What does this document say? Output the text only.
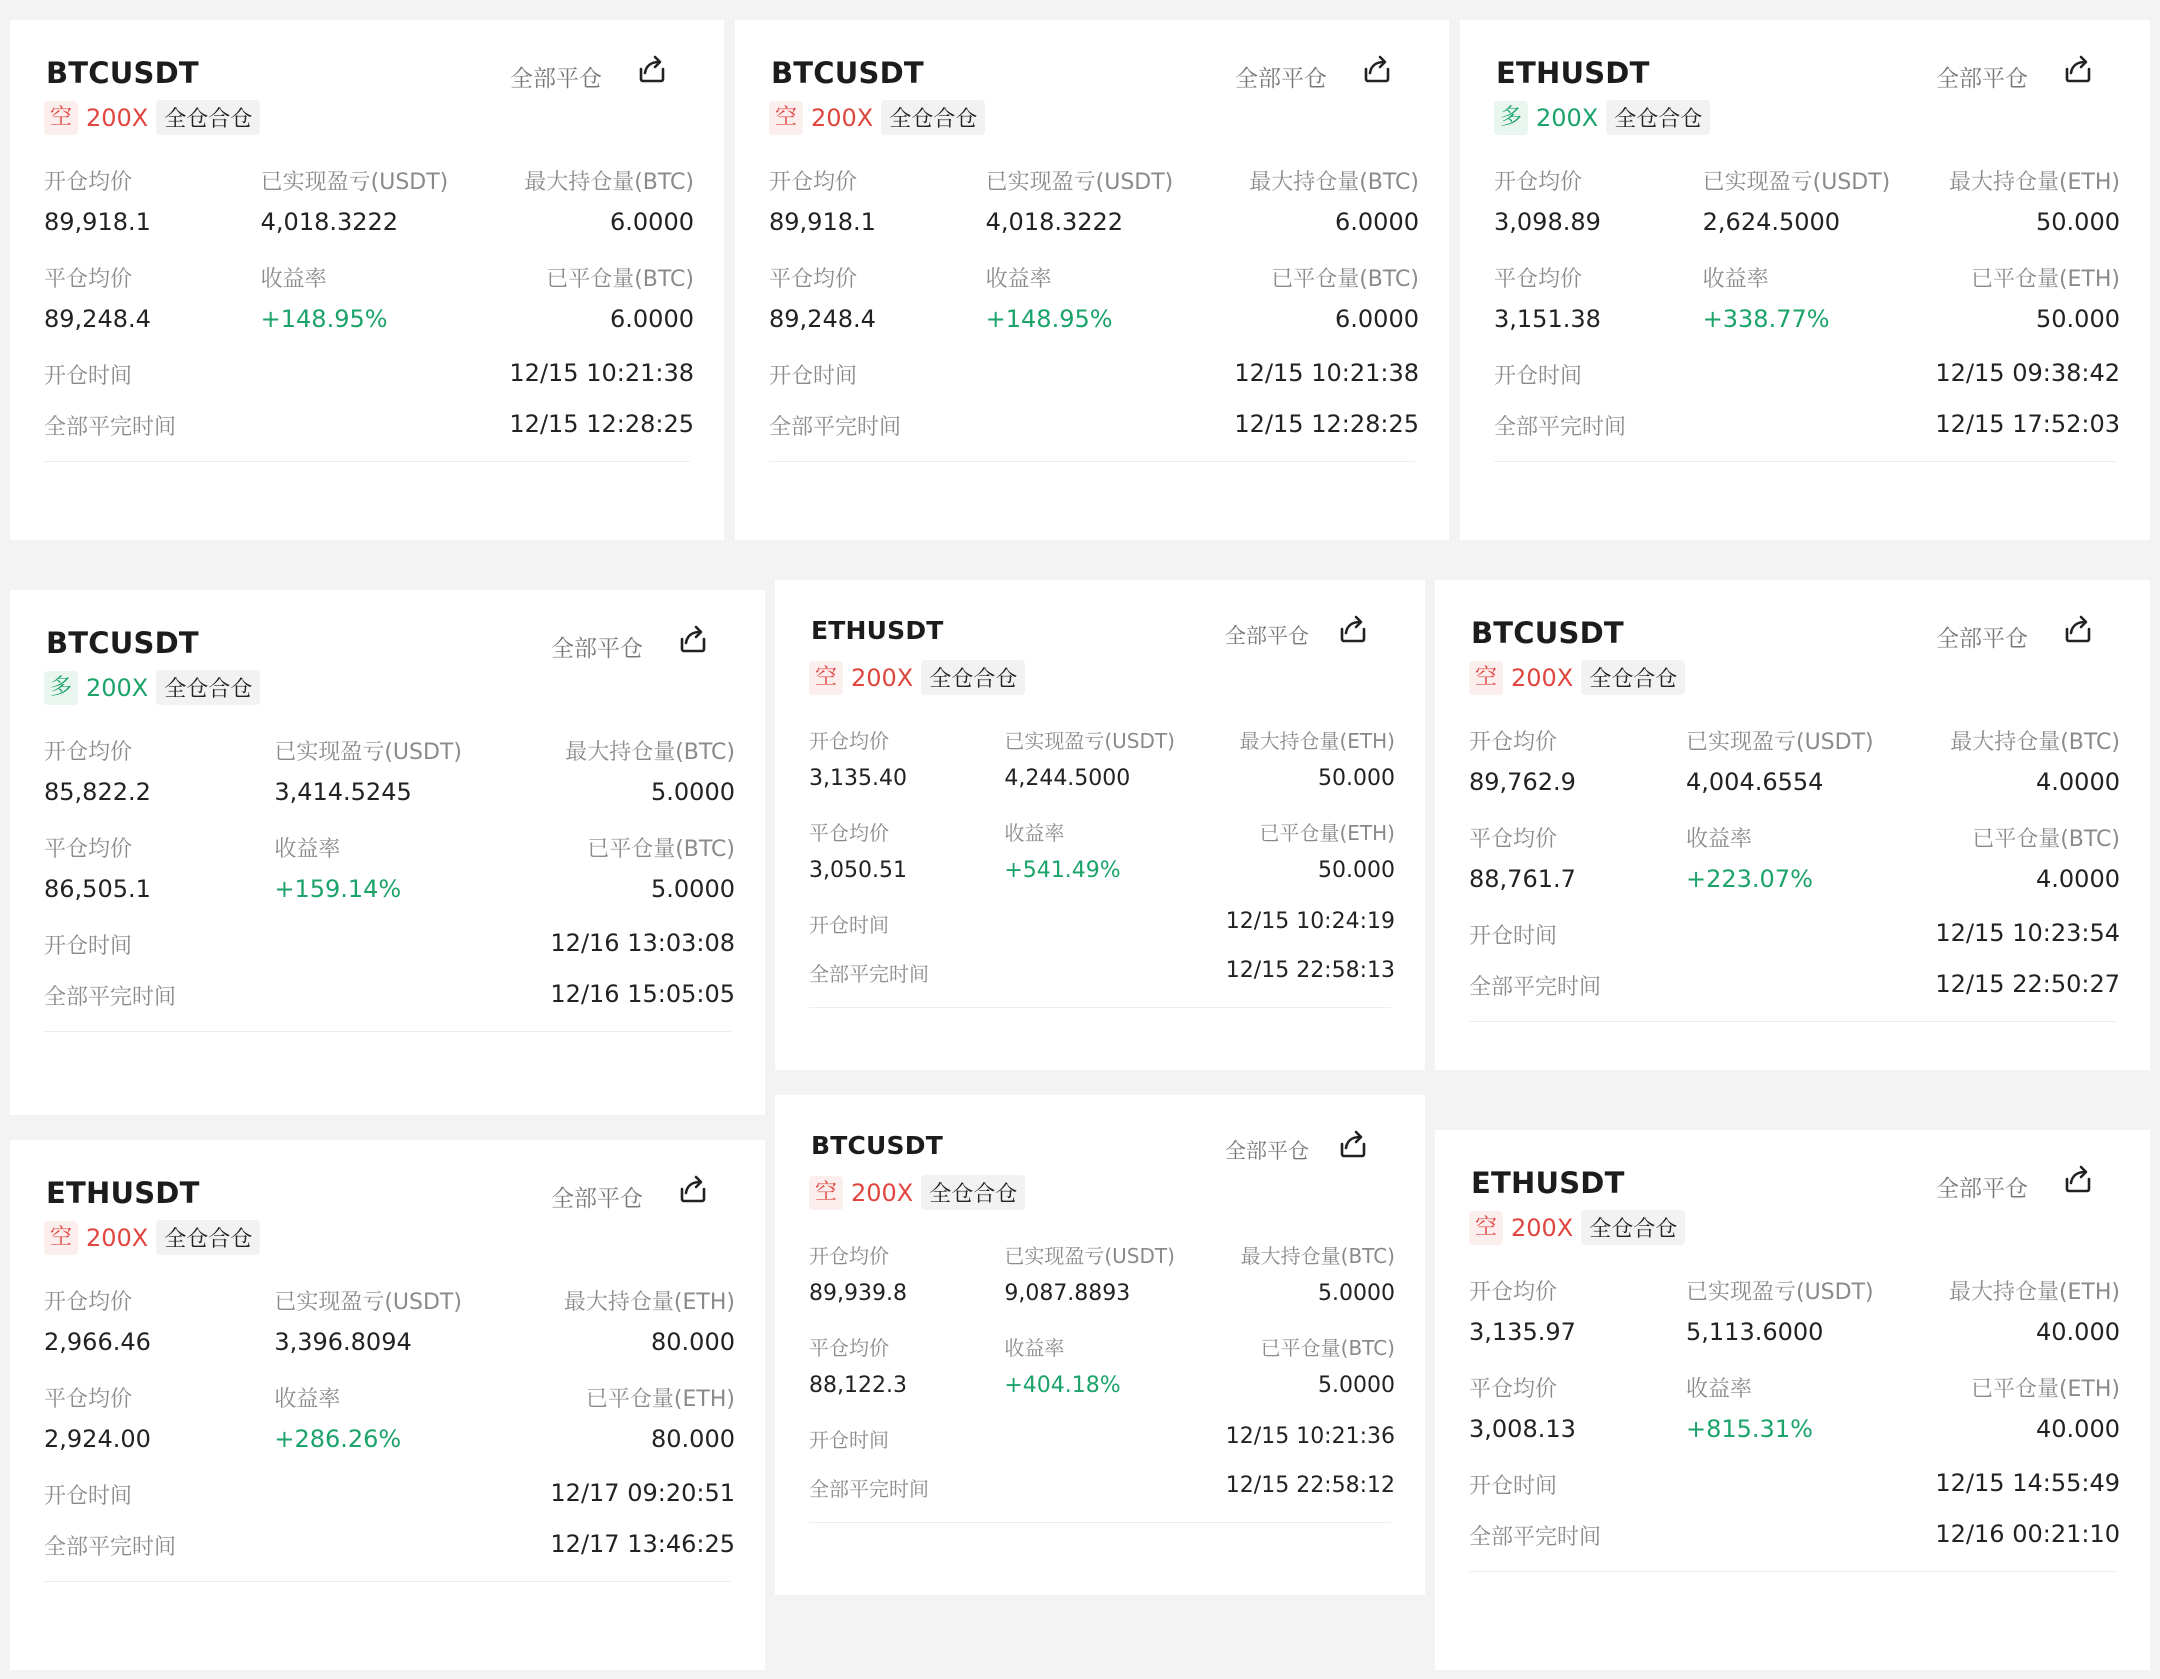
BTCUSDT	全部平仓
空 200X 全仓合仓
开仓均价
89,918.1
已实现盈亏(USDT)
4,018.3222
最大持仓量(BTC)
6.0000
平仓均价
89,248.4
收益率
+148.95%
已平仓量(BTC)
6.0000
开仓时间	12/15 10:21:38
全部平完时间	12/15 12:28:25
BTCUSDT	全部平仓
空 200X 全仓合仓
开仓均价
89,918.1
已实现盈亏(USDT)
4,018.3222
最大持仓量(BTC)
6.0000
平仓均价
89,248.4
收益率
+148.95%
已平仓量(BTC)
6.0000
开仓时间	12/15 10:21:38
全部平完时间	12/15 12:28:25
ETHUSDT	全部平仓
多 200X 全仓合仓
开仓均价
3,098.89
已实现盈亏(USDT)
2,624.5000
最大持仓量(ETH)
50.000
平仓均价
3,151.38
收益率
+338.77%
已平仓量(ETH)
50.000
开仓时间	12/15 09:38:42
全部平完时间	12/15 17:52:03
BTCUSDT	全部平仓
多 200X 全仓合仓
开仓均价
85,822.2
已实现盈亏(USDT)
3,414.5245
最大持仓量(BTC)
5.0000
平仓均价
86,505.1
收益率
+159.14%
已平仓量(BTC)
5.0000
开仓时间	12/16 13:03:08
全部平完时间	12/16 15:05:05
ETHUSDT	全部平仓
空 200X 全仓合仓
开仓均价
3,135.40
已实现盈亏(USDT)
4,244.5000
最大持仓量(ETH)
50.000
平仓均价
3,050.51
收益率
+541.49%
已平仓量(ETH)
50.000
开仓时间	12/15 10:24:19
全部平完时间	12/15 22:58:13
BTCUSDT	全部平仓
空 200X 全仓合仓
开仓均价
89,762.9
已实现盈亏(USDT)
4,004.6554
最大持仓量(BTC)
4.0000
平仓均价
88,761.7
收益率
+223.07%
已平仓量(BTC)
4.0000
开仓时间	12/15 10:23:54
全部平完时间	12/15 22:50:27
ETHUSDT	全部平仓
空 200X 全仓合仓
开仓均价
2,966.46
已实现盈亏(USDT)
3,396.8094
最大持仓量(ETH)
80.000
平仓均价
2,924.00
收益率
+286.26%
已平仓量(ETH)
80.000
开仓时间	12/17 09:20:51
全部平完时间	12/17 13:46:25
BTCUSDT	全部平仓
空 200X 全仓合仓
开仓均价
89,939.8
已实现盈亏(USDT)
9,087.8893
最大持仓量(BTC)
5.0000
平仓均价
88,122.3
收益率
+404.18%
已平仓量(BTC)
5.0000
开仓时间	12/15 10:21:36
全部平完时间	12/15 22:58:12
ETHUSDT	全部平仓
空 200X 全仓合仓
开仓均价
3,135.97
已实现盈亏(USDT)
5,113.6000
最大持仓量(ETH)
40.000
平仓均价
3,008.13
收益率
+815.31%
已平仓量(ETH)
40.000
开仓时间	12/15 14:55:49
全部平完时间	12/16 00:21:10
